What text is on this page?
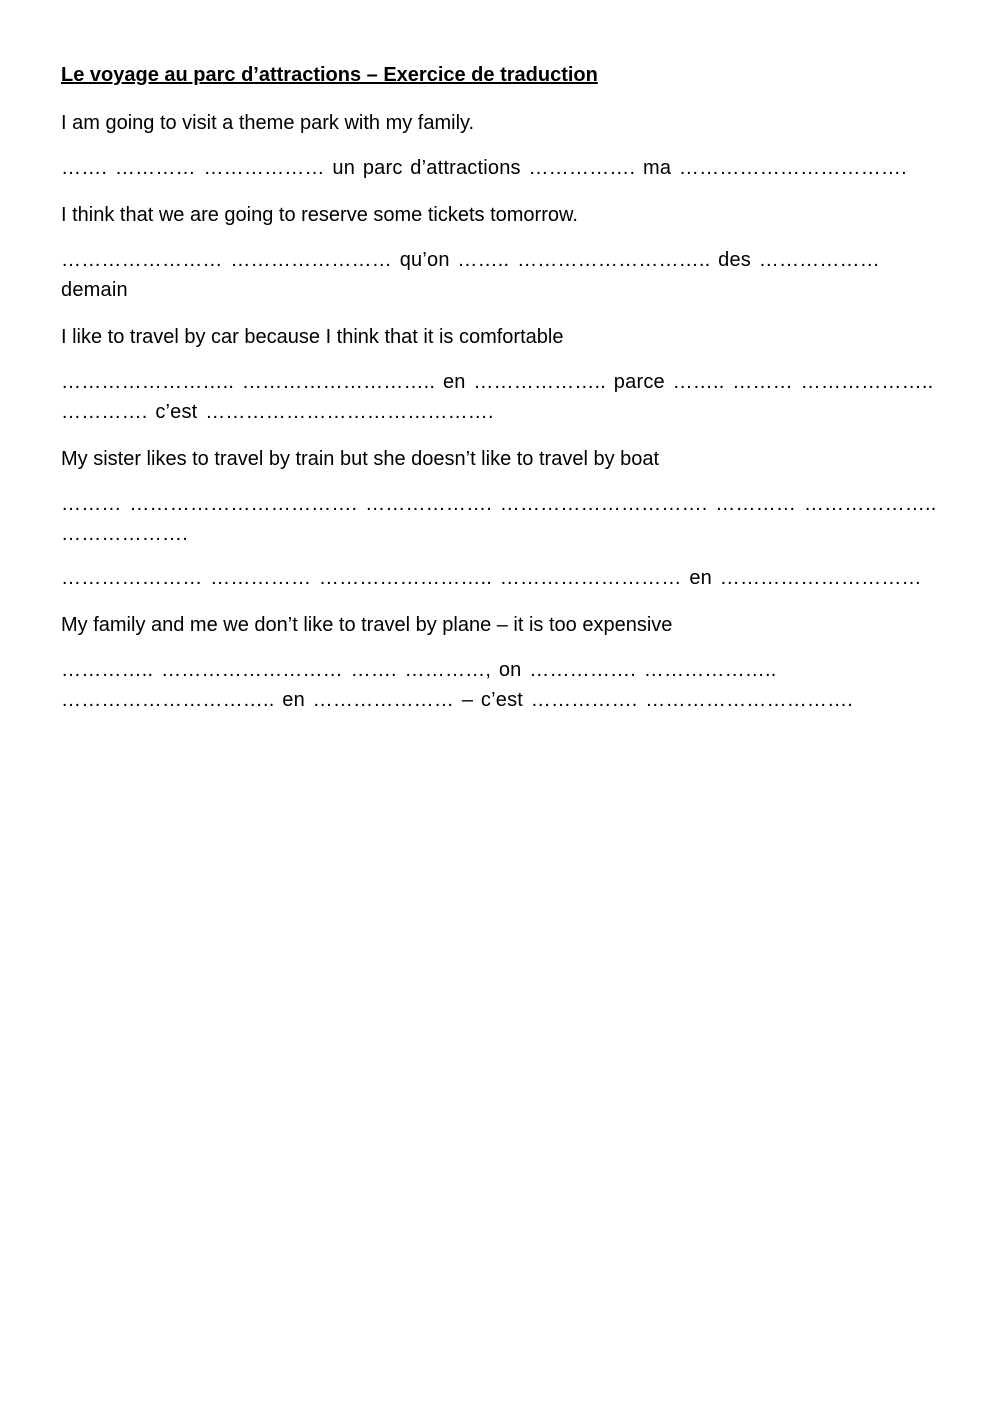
Le voyage au parc d’attractions – Exercice de traduction
I am going to visit a theme park with my family.
……. ………… ……………… un parc d’attractions ……………. ma …………………………….
I think that we are going to reserve some tickets tomorrow.
…………………… …………………… qu’on …….. ……………………….. des ……………… demain
I like to travel by car because I think that it is comfortable
…………………….. ……………………….. en ……………….. parce …….. ……… ……………….. …………. c’est …………………………………….
My sister likes to travel by train but she doesn’t like to travel by boat
……… ……………………………. ………………. …………………………. ………… ……………….. ……………….
………………… …………… …………………….. ……………………… en …………………………
My family and me we don’t like to travel by plane – it is too expensive
………….. ……………………… ……. …………, on ……………. ……………….. ………………………….. en ………………… – c’est ……………. ………………………….
